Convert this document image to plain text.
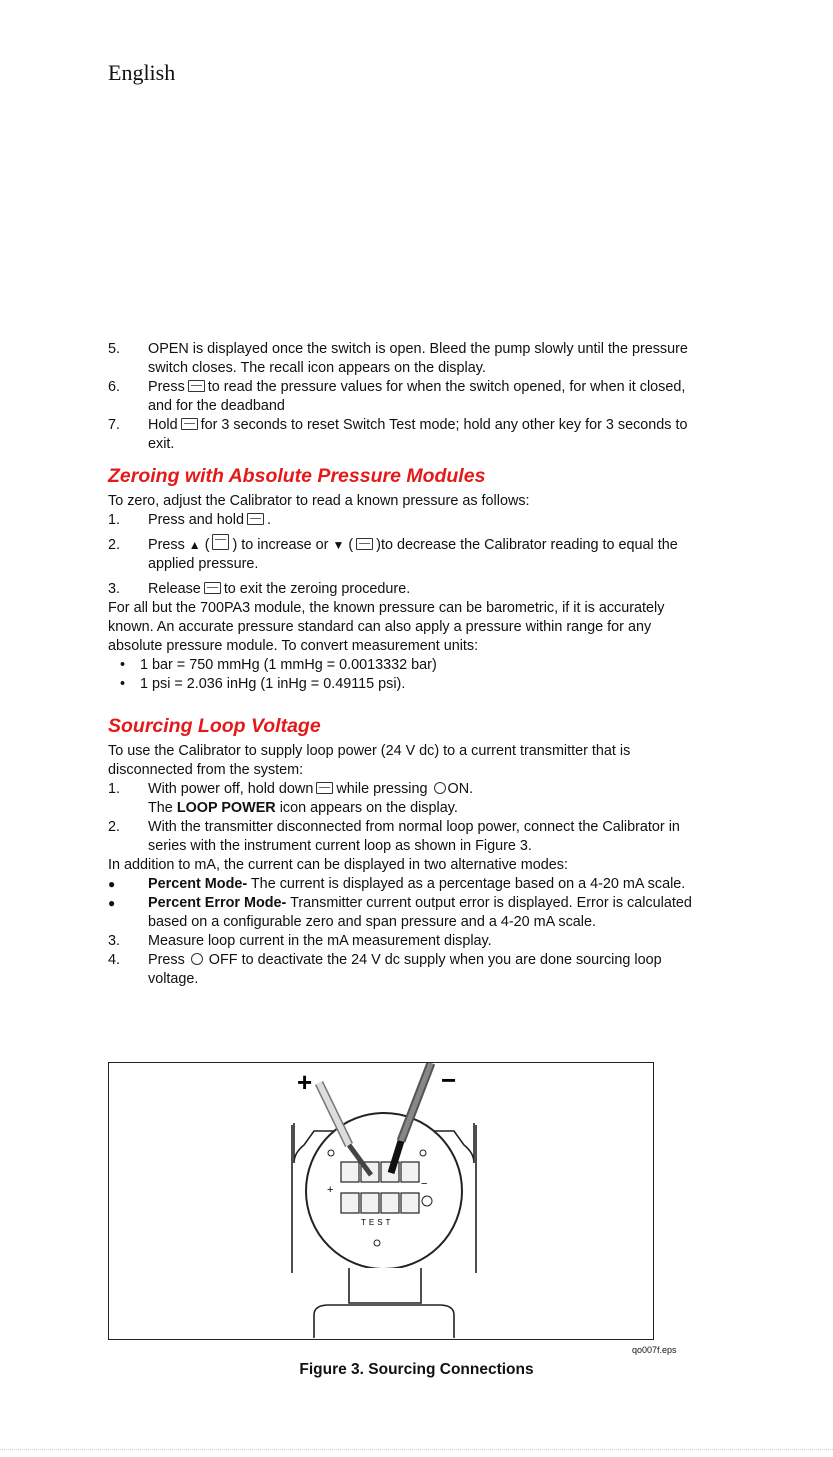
English
5.	OPEN is displayed once the switch is open. Bleed the pump slowly until the pressure switch closes. The recall icon appears on the display.
6.	Press to read the pressure values for when the switch opened, for when it closed, and for the deadband
7.	Hold for 3 seconds to reset Switch Test mode; hold any other key for 3 seconds to exit.
Zeroing with Absolute Pressure Modules
To zero, adjust the Calibrator to read a known pressure as follows:
1.	Press and hold .
2.	Press ▲ ( ) to increase or ▼ ( )to decrease the Calibrator reading to equal the applied pressure.
3.	Release to exit the zeroing procedure.
For all but the 700PA3 module, the known pressure can be barometric, if it is accurately known. An accurate pressure standard can also apply a pressure within range for any absolute pressure module. To convert measurement units:
•	1 bar = 750 mmHg (1 mmHg = 0.0013332 bar)
•	1 psi = 2.036 inHg (1 inHg = 0.49115 psi).
Sourcing Loop Voltage
To use the Calibrator to supply loop power (24 V dc) to a current transmitter that is disconnected from the system:
1.	With power off, hold down while pressing ON.
The LOOP POWER icon appears on the display.
2.	With the transmitter disconnected from normal loop power, connect the Calibrator in series with the instrument current loop as shown in Figure 3.
In addition to mA, the current can be displayed in two alternative modes:
●	Percent Mode- The current is displayed as a percentage based on a 4-20 mA scale.
●	Percent Error Mode- Transmitter current output error is displayed. Error is calculated based on a configurable zero and span pressure and a 4-20 mA scale.
3.	Measure loop current in the mA measurement display.
4.	Press OFF to deactivate the 24 V dc supply when you are done sourcing loop voltage.
+	−
TEST
+	−
qo007f.eps
Figure 3. Sourcing Connections
